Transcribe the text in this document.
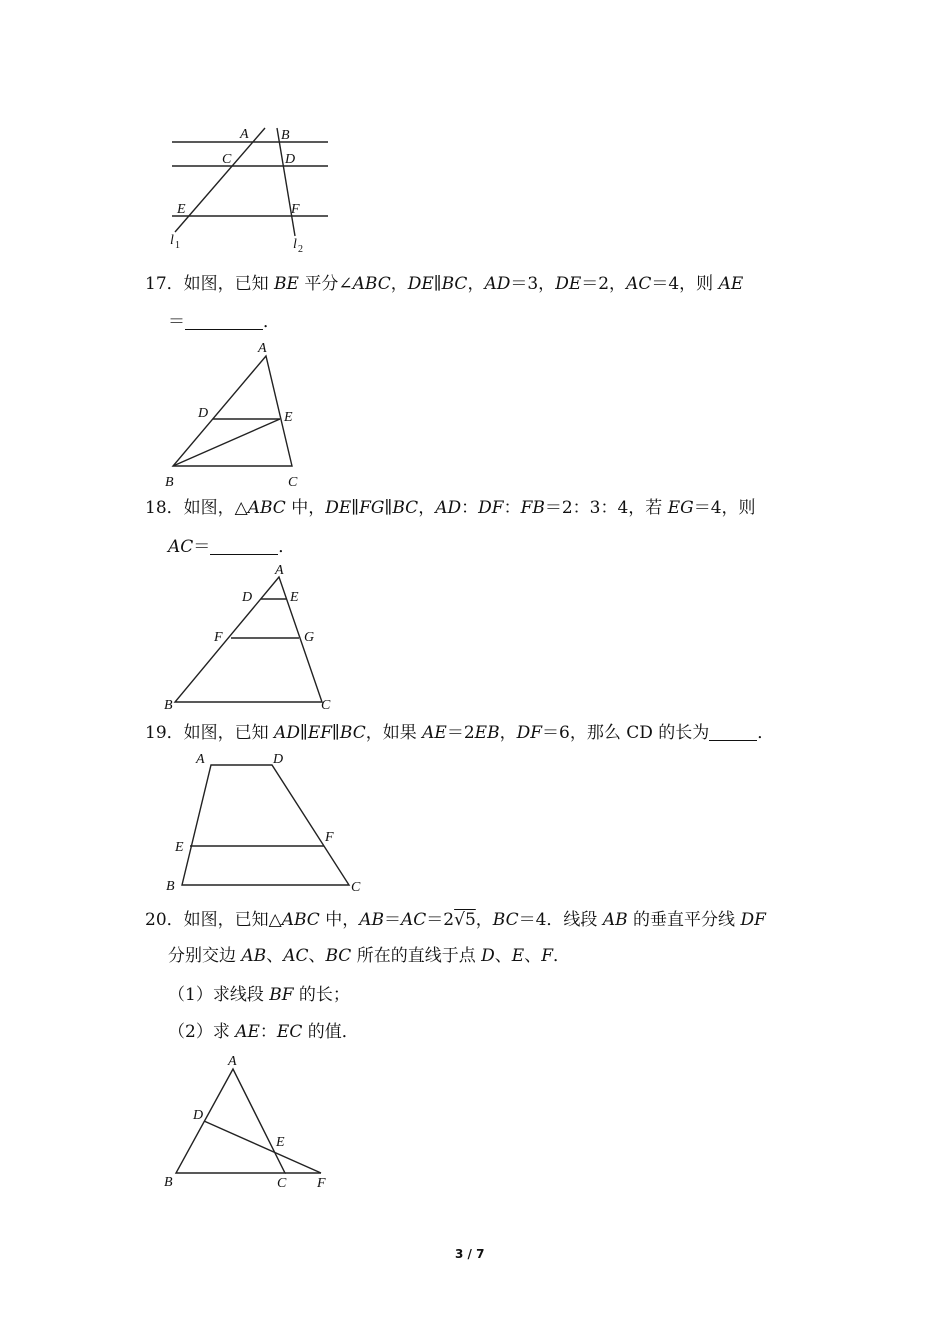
A B
C	D
E	F
l 1	l 2
17．如图，已知 BE 平分∠ABC，DE∥BC，AD＝3，DE＝2，AC＝4，则 AE
＝	．
A
D	E
B	C
18．如图，△ABC 中，DE∥FG∥BC，AD：DF：FB＝2：3：4，若 EG＝4，则
AC＝	．
A
D	E
F	G
B	C
19．如图，已知 AD∥EF∥BC，如果 AE＝2EB，DF＝6，那么 CD 的长为	．
A	D
E
F
B	C
20．如图，已知△ABC 中，AB＝AC＝2√5，BC＝4．线段 AB 的垂直平分线 DF
分别交边 AB、AC、BC 所在的直线于点 D、E、F．
（1）求线段 BF 的长；
（2）求 AE：EC 的值．
A
D
E
B	C F
3 / 7
